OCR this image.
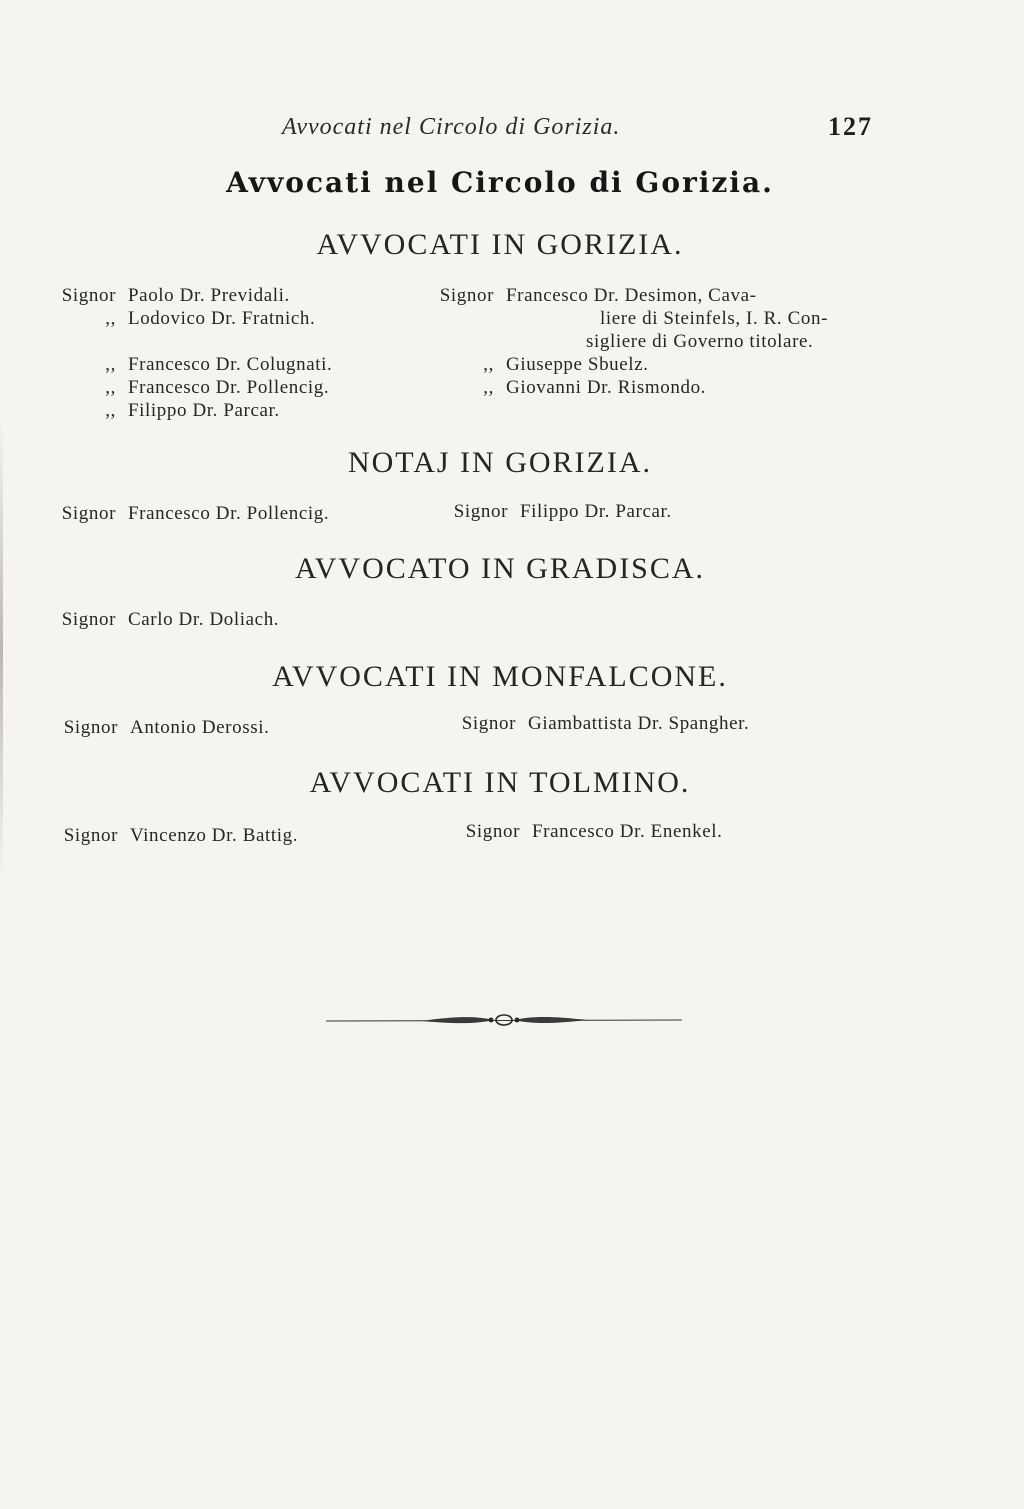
Avvocati nel Circolo di Gorizia.	127
Avvocati nel Circolo di Gorizia.
AVVOCATI IN GORIZIA.
Signor Paolo Dr. Previdali.
,, Lodovico Dr. Fratnich.
,, Francesco Dr. Colugnati.
,, Francesco Dr. Pollencig.
,, Filippo Dr. Parcar.
Signor Francesco Dr. Desimon, Cava-
liere di Steinfels, I. R. Con-
sigliere di Governo titolare.
,, Giuseppe Sbuelz.
,, Giovanni Dr. Rismondo.
NOTAJ IN GORIZIA.
Signor Francesco Dr. Pollencig.	Signor Filippo Dr. Parcar.
AVVOCATO IN GRADISCA.
Signor Carlo Dr. Doliach.
AVVOCATI IN MONFALCONE.
Signor Antonio Derossi.	Signor Giambattista Dr. Spangher.
AVVOCATI IN TOLMINO.
Signor Vincenzo Dr. Battig.	Signor Francesco Dr. Enenkel.
